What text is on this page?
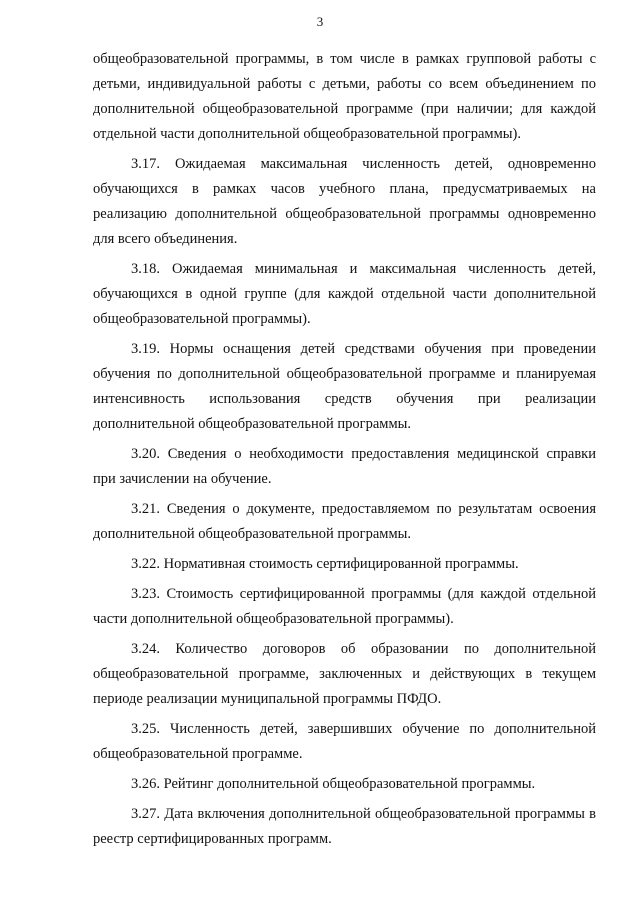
3

общеобразовательной программы, в том числе в рамках групповой работы с детьми, индивидуальной работы с детьми, работы со всем объединением по дополнительной общеобразовательной программе (при наличии; для каждой отдельной части дополнительной общеобразовательной программы).

3.17. Ожидаемая максимальная численность детей, одновременно обучающихся в рамках часов учебного плана, предусматриваемых на реализацию дополнительной общеобразовательной программы одновременно для всего объединения.

3.18. Ожидаемая минимальная и максимальная численность детей, обучающихся в одной группе (для каждой отдельной части дополнительной общеобразовательной программы).

3.19. Нормы оснащения детей средствами обучения при проведении обучения по дополнительной общеобразовательной программе и планируемая интенсивность использования средств обучения при реализации дополнительной общеобразовательной программы.

3.20. Сведения о необходимости предоставления медицинской справки при зачислении на обучение.

3.21. Сведения о документе, предоставляемом по результатам освоения дополнительной общеобразовательной программы.

3.22. Нормативная стоимость сертифицированной программы.

3.23. Стоимость сертифицированной программы (для каждой отдельной части дополнительной общеобразовательной программы).

3.24. Количество договоров об образовании по дополнительной общеобразовательной программе, заключенных и действующих в текущем периоде реализации муниципальной программы ПФДО.

3.25. Численность детей, завершивших обучение по дополнительной общеобразовательной программе.

3.26. Рейтинг дополнительной общеобразовательной программы.

3.27. Дата включения дополнительной общеобразовательной программы в реестр сертифицированных программ.
